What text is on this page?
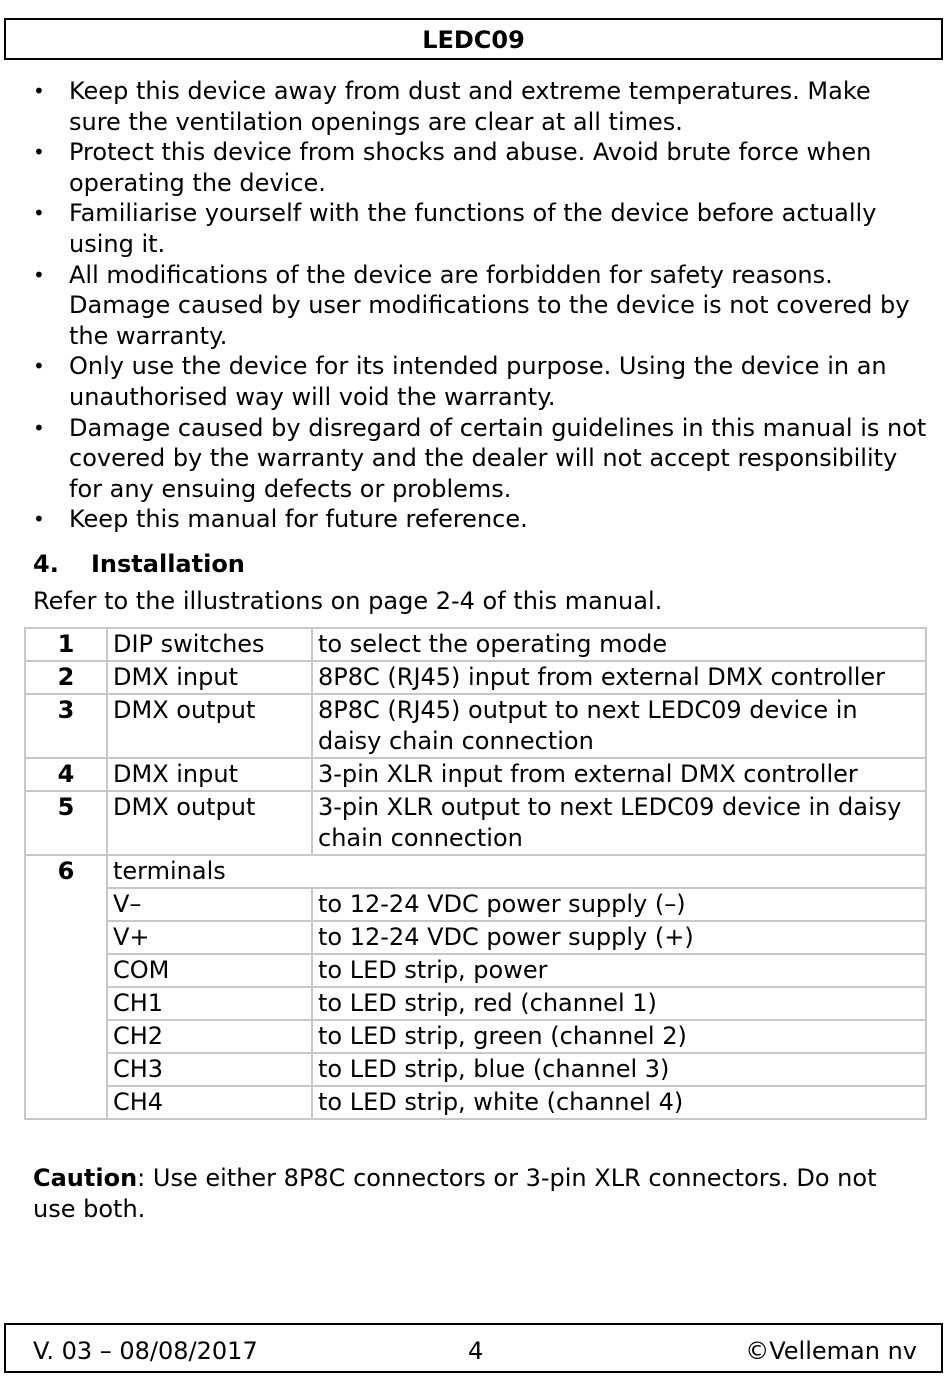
LEDC09
• Keep this device away from dust and extreme temperatures. Make sure the ventilation openings are clear at all times.
• Protect this device from shocks and abuse. Avoid brute force when operating the device.
• Familiarise yourself with the functions of the device before actually using it.
• All modifications of the device are forbidden for safety reasons. Damage caused by user modifications to the device is not covered by the warranty.
• Only use the device for its intended purpose. Using the device in an unauthorised way will void the warranty.
• Damage caused by disregard of certain guidelines in this manual is not covered by the warranty and the dealer will not accept responsibility for any ensuing defects or problems.
• Keep this manual for future reference.
4. Installation

Refer to the illustrations on page 2-4 of this manual.

1	DIP switches	to select the operating mode
2	DMX input	8P8C (RJ45) input from external DMX controller
3	DMX output	8P8C (RJ45) output to next LEDC09 device in daisy chain connection
4	DMX input	3-pin XLR input from external DMX controller
5	DMX output	3-pin XLR output to next LEDC09 device in daisy chain connection
6	terminals	
	V–	to 12-24 VDC power supply (–)
	V+	to 12-24 VDC power supply (+)
	COM	to LED strip, power
	CH1	to LED strip, red (channel 1)
	CH2	to LED strip, green (channel 2)
	CH3	to LED strip, blue (channel 3)
	CH4	to LED strip, white (channel 4)

Caution: Use either 8P8C connectors or 3-pin XLR connectors. Do not use both.

V. 03 – 08/08/2017	4	©Velleman nv
